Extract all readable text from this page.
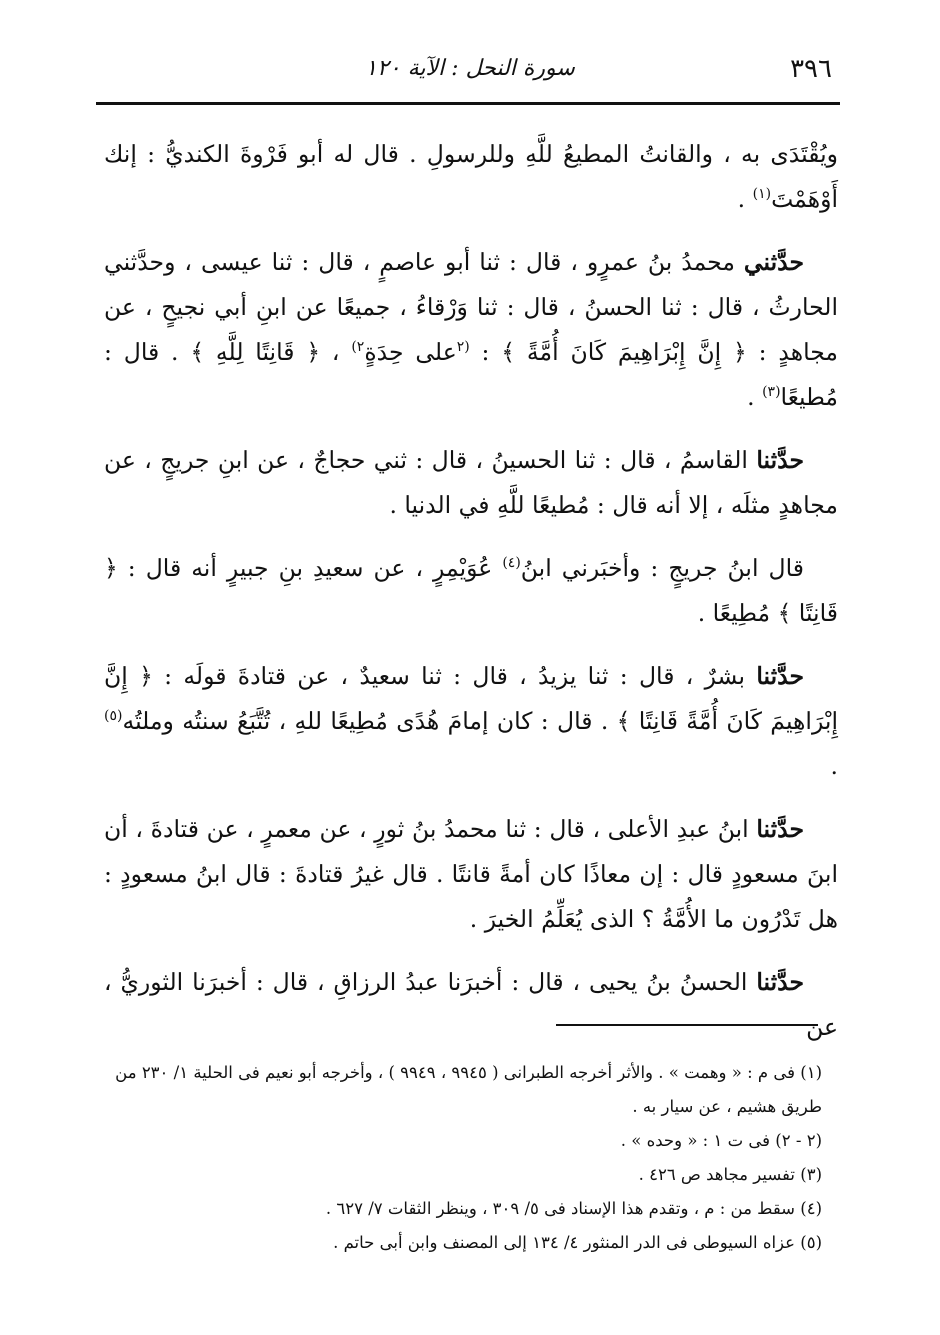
٣٩٦
سورة النحل : الآية ١٢٠

ويُقْتَدَى به ، والقانتُ المطيعُ للَّهِ وللرسولِ . قال له أبو فَرْوةَ الكنديُّ : إنك أَوْهَمْتَ$^{(١)}$ .

حدَّثني محمدُ بنُ عمرٍو ، قال : ثنا أبو عاصمٍ ، قال : ثنا عيسى ، وحدَّثني الحارثُ ، قال : ثنا الحسنُ ، قال : ثنا وَرْقاءُ ، جميعًا عن ابنِ أبي نجيحٍ ، عن مجاهدٍ : ﴿ إِنَّ إِبْرَاهِيمَ كَانَ أُمَّةً ﴾ : $^{(٢}$على حِدَةٍ$^{٢)}$ ، ﴿ قَانِتًا لِلَّهِ ﴾ . قال : مُطيعًا$^{(٣)}$ .

حدَّثنا القاسمُ ، قال : ثنا الحسينُ ، قال : ثني حجاجٌ ، عن ابنِ جريجٍ ، عن مجاهدٍ مثلَه ، إلا أنه قال : مُطيعًا للَّهِ في الدنيا .

قال ابنُ جريجٍ : وأخبَرني ابنُ$^{(٤)}$ عُوَيْمِرٍ ، عن سعيدِ بنِ جبيرٍ أنه قال : ﴿ قَانِتًا ﴾ مُطِيعًا .

حدَّثنا بشرٌ ، قال : ثنا يزيدُ ، قال : ثنا سعيدٌ ، عن قتادةَ قولَه : ﴿ إِنَّ إِبْرَاهِيمَ كَانَ أُمَّةً قَانِتًا ﴾ . قال : كان إمامَ هُدًى مُطِيعًا للهِ ، تُتَّبَعُ سنتُه وملتُه$^{(٥)}$ .

حدَّثنا ابنُ عبدِ الأعلى ، قال : ثنا محمدُ بنُ ثورٍ ، عن معمرٍ ، عن قتادةَ ، أن ابنَ مسعودٍ قال : إن معاذًا كان أمةً قانتًا . قال غيرُ قتادةَ : قال ابنُ مسعودٍ : هل تَدْرُون ما الأُمَّةُ ؟ الذى يُعَلِّمُ الخيرَ .

حدَّثنا الحسنُ بنُ يحيى ، قال : أخبرَنا عبدُ الرزاقِ ، قال : أخبرَنا الثوريُّ ، عن

(١) فى م : « وهمت » . والأثر أخرجه الطبرانى ( ٩٩٤٥ ، ٩٩٤٩ ) ، وأخرجه أبو نعيم فى الحلية ١/ ٢٣٠ من طريق هشيم ، عن سيار به .

(٢ - ٢) فى ت ١ : « وحده » .

(٣) تفسير مجاهد ص ٤٢٦ .

(٤) سقط من : م ، وتقدم هذا الإسناد فى ٥/ ٣٠٩ ، وينظر الثقات ٧/ ٦٢٧ .

(٥) عزاه السيوطى فى الدر المنثور ٤/ ١٣٤ إلى المصنف وابن أبى حاتم .
